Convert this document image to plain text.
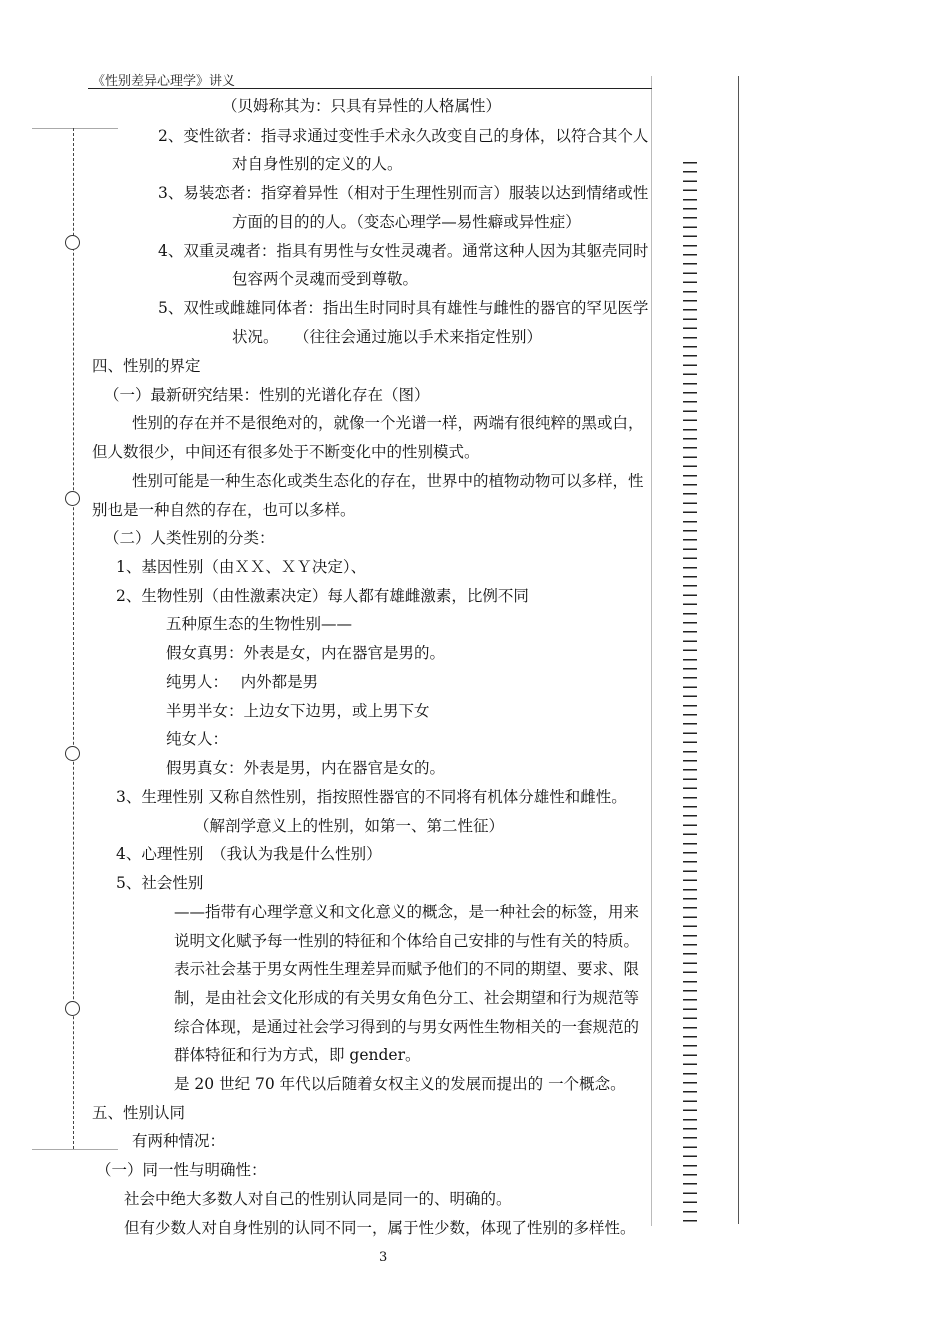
《性别差异心理学》讲义
（贝姆称其为：只具有异性的人格属性）
2、变性欲者：指寻求通过变性手术永久改变自己的身体，以符合其个人
对自身性别的定义的人。
3、易装恋者：指穿着异性（相对于生理性别而言）服装以达到情绪或性
方面的目的的人。（变态心理学—易性癖或异性症）
4、双重灵魂者：指具有男性与女性灵魂者。通常这种人因为其躯壳同时
包容两个灵魂而受到尊敬。
5、双性或雌雄同体者：指出生时同时具有雄性与雌性的器官的罕见医学
状况。　　（往往会通过施以手术来指定性别）
四、性别的界定
（一）最新研究结果：性别的光谱化存在（图）
性别的存在并不是很绝对的，就像一个光谱一样，两端有很纯粹的黑或白，
但人数很少，中间还有很多处于不断变化中的性别模式。
性别可能是一种生态化或类生态化的存在，世界中的植物动物可以多样，性
别也是一种自然的存在，也可以多样。
（二）人类性别的分类：
1、基因性别（由ＸＸ、ＸＹ决定）、
2、生物性别（由性激素决定）每人都有雄雌激素，比例不同
五种原生态的生物性别——
假女真男：外表是女，内在器官是男的。
纯男人：　 内外都是男
半男半女：上边女下边男，或上男下女
纯女人：
假男真女：外表是男，内在器官是女的。
3、生理性别 又称自然性别，指按照性器官的不同将有机体分雄性和雌性。
（解剖学意义上的性别，如第一、第二性征）
4、心理性别　（我认为我是什么性别）
5、社会性别
——指带有心理学意义和文化意义的概念，是一种社会的标签，用来
说明文化赋予每一性别的特征和个体给自己安排的与性有关的特质。
表示社会基于男女两性生理差异而赋予他们的不同的期望、要求、限
制，是由社会文化形成的有关男女角色分工、社会期望和行为规范等
综合体现，是通过社会学习得到的与男女两性生物相关的一套规范的
群体特征和行为方式，即 gender。
是 20 世纪 70 年代以后随着女权主义的发展而提出的 一个概念。
五、性别认同
有两种情况：
（一）同一性与明确性：
社会中绝大多数人对自己的性别认同是同一的、明确的。
但有少数人对自身性别的认同不同一，属于性少数，体现了性别的多样性。
3
